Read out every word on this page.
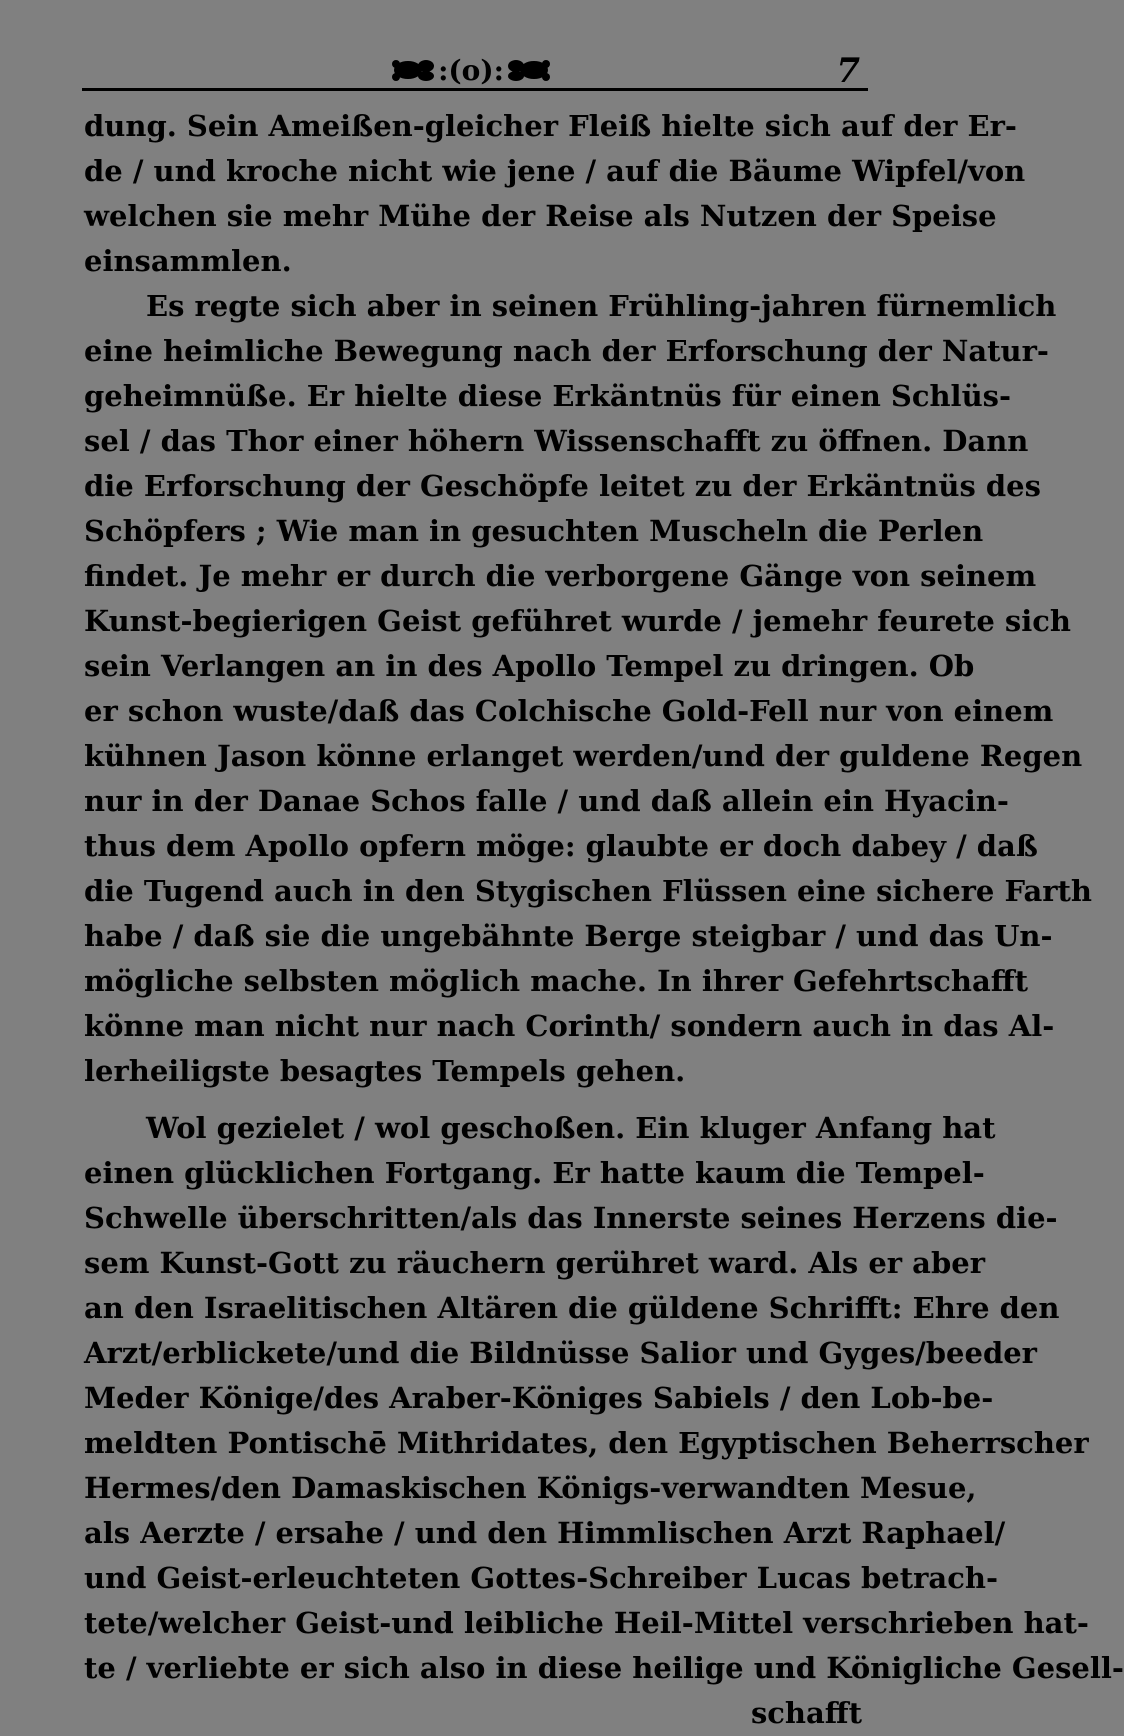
:(o):	7
dung. Sein Ameißen-gleicher Fleiß hielte sich auf der Er-
de / und kroche nicht wie jene / auf die Bäume Wipfel/von
welchen sie mehr Mühe der Reise als Nutzen der Speise
einsammlen.
Es regte sich aber in seinen Frühling-jahren fürnemlich
eine heimliche Bewegung nach der Erforschung der Natur-
geheimnüße. Er hielte diese Erkäntnüs für einen Schlüs-
sel / das Thor einer höhern Wissenschafft zu öffnen. Dann
die Erforschung der Geschöpfe leitet zu der Erkäntnüs des
Schöpfers ; Wie man in gesuchten Muscheln die Perlen
findet. Je mehr er durch die verborgene Gänge von seinem
Kunst-begierigen Geist geführet wurde / jemehr feurete sich
sein Verlangen an in des Apollo Tempel zu dringen. Ob
er schon wuste/daß das Colchische Gold-Fell nur von einem
kühnen Jason könne erlanget werden/und der guldene Regen
nur in der Danae Schos falle / und daß allein ein Hyacin-
thus dem Apollo opfern möge: glaubte er doch dabey / daß
die Tugend auch in den Stygischen Flüssen eine sichere Farth
habe / daß sie die ungebähnte Berge steigbar / und das Un-
mögliche selbsten möglich mache. In ihrer Gefehrtschafft
könne man nicht nur nach Corinth/ sondern auch in das Al-
lerheiligste besagtes Tempels gehen.
Wol gezielet / wol geschoßen. Ein kluger Anfang hat
einen glücklichen Fortgang. Er hatte kaum die Tempel-
Schwelle überschritten/als das Innerste seines Herzens die-
sem Kunst-Gott zu räuchern gerühret ward. Als er aber
an den Israelitischen Altären die güldene Schrifft: Ehre den
Arzt/erblickete/und die Bildnüsse Salior und Gyges/beeder
Meder Könige/des Araber-Königes Sabiels / den Lob-be-
meldten Pontischē Mithridates, den Egyptischen Beherrscher
Hermes/den Damaskischen Königs-verwandten Mesue,
als Aerzte / ersahe / und den Himmlischen Arzt Raphael/
und Geist-erleuchteten Gottes-Schreiber Lucas betrach-
tete/welcher Geist-und leibliche Heil-Mittel verschrieben hat-
te / verliebte er sich also in diese heilige und Königliche Gesell-
schafft
